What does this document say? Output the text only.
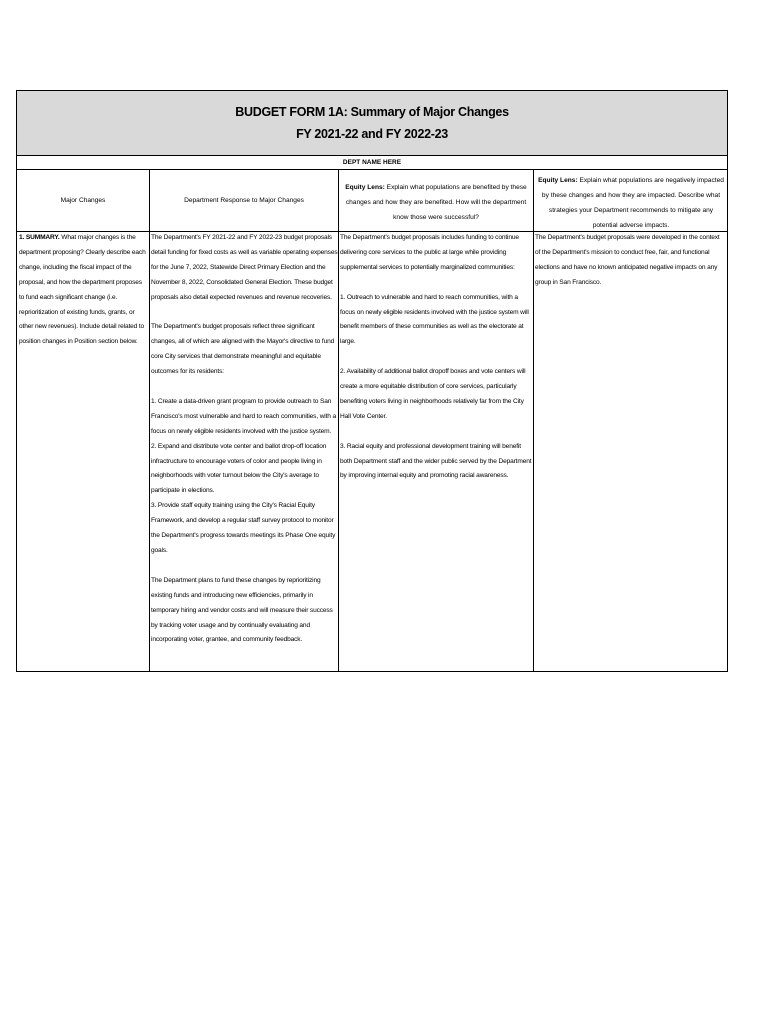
BUDGET FORM 1A: Summary of Major Changes
FY 2021-22 and FY 2022-23
DEPT NAME HERE
Major Changes	Department Response to Major Changes
Equity Lens: Explain what populations are benefited by these changes and how they are benefited. How will the department know those were successful?
Equity Lens: Explain what populations are negatively impacted by these changes and how they are impacted. Describe what strategies your Department recommends to mitigate any potential adverse impacts.

1. SUMMARY. What major changes is the department proposing? Clearly describe each change, including the fiscal impact of the proposal, and how the department proposes to fund each significant change (i.e. reprioritization of existing funds, grants, or other new revenues). Include detail related to position changes in Position section below.

The Department's FY 2021-22 and FY 2022-23 budget proposals detail funding for fixed costs as well as variable operating expenses for the June 7, 2022, Statewide Direct Primary Election and the November 8, 2022, Consolidated General Election. These budget proposals also detail expected revenues and revenue recoveries.

The Department's budget proposals reflect three significant changes, all of which are aligned with the Mayor's directive to fund core City services that demonstrate meaningful and equitable outcomes for its residents:

1. Create a data-driven grant program to provide outreach to San Francisco's most vulnerable and hard to reach communities, with a focus on newly eligible residents involved with the justice system.

2. Expand and distribute vote center and ballot drop-off location infractructure to encourage voters of color and people living in neighborhoods with voter turnout below the City's average to participate in elections.

3. Provide staff equity training using the City's Racial Equity Framework, and develop a regular staff survey protocol to monitor the Department's progress towards meetings its Phase One equity goals.

The Department plans to fund these changes by reprioritizing existing funds and introducing new efficiencies, primarily in temporary hiring and vendor costs and will measure their success by tracking voter usage and by continually evaluating and incorporating voter, grantee, and community feedback.

The Department's budget proposals includes funding to continue delivering core services to the public at large while providing supplemental services to potentially marginalized communities:

1. Outreach to vulnerable and hard to reach communities, with a focus on newly eligible residents involved with the justice system will benefit members of these communities as well as the electorate at large.

2. Availability of additional ballot dropoff boxes and vote centers will create a more equitable distribution of core services, particularly benefiting voters living in neighborhoods relatively far from the City Hall Vote Center.

3. Racial equity and professional development training will benefit both Department staff and the wider public served by the Department by improving internal equity and promoting racial awareness.

The Department's budget proposals were developed in the context of the Department's mission to conduct free, fair, and functional elections and have no known anticipated negative impacts on any group in San Francisco.
